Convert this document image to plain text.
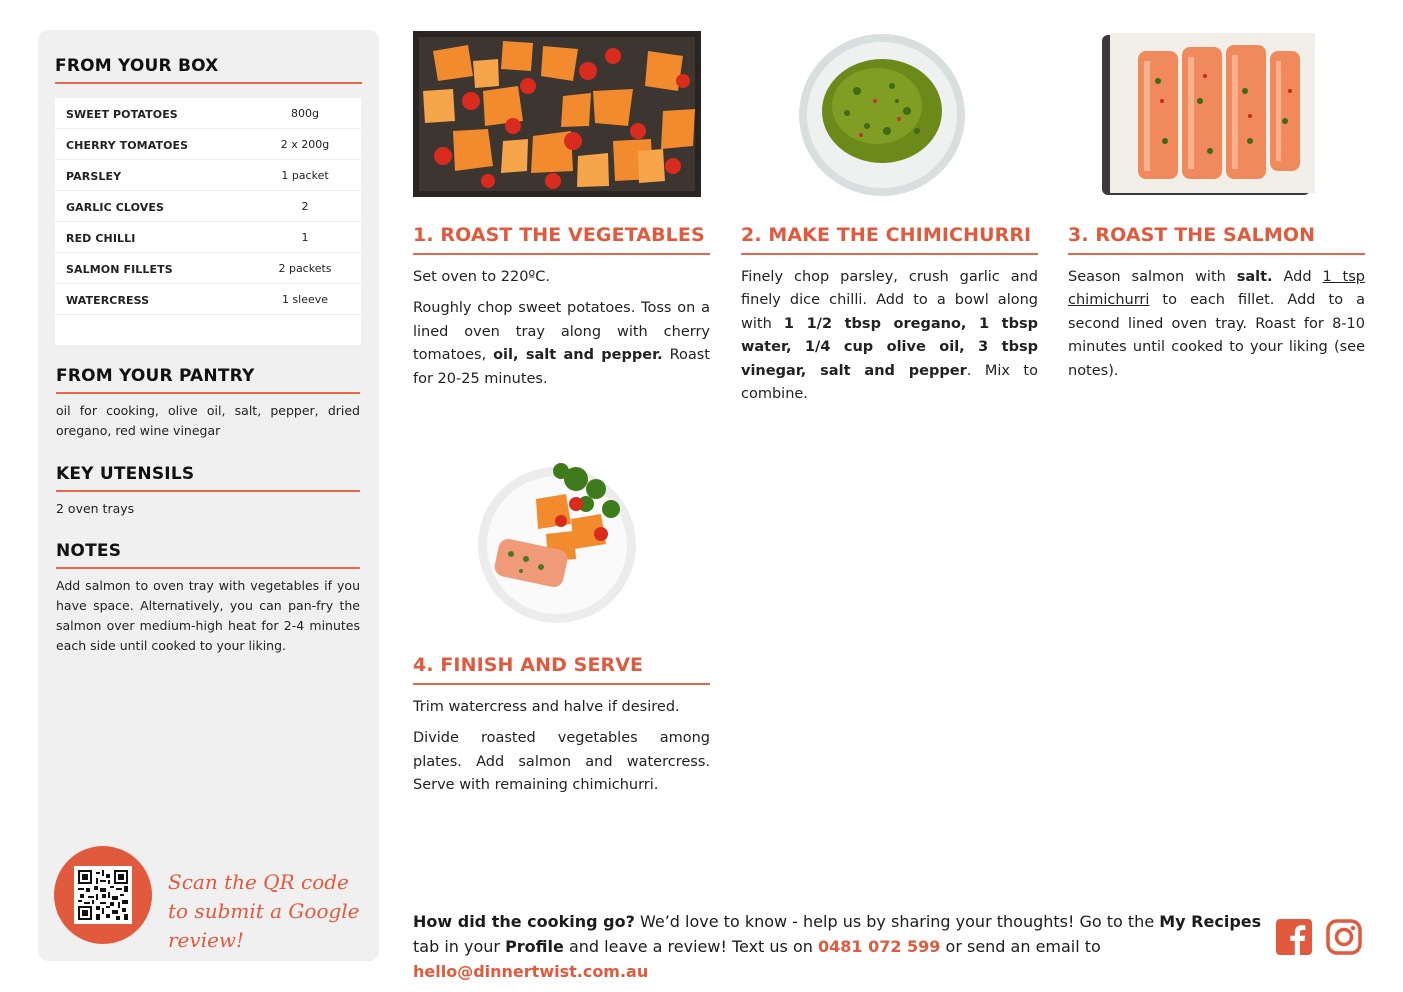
FROM YOUR BOX
SWEET POTATOES	800g
CHERRY TOMATOES	2 x 200g
PARSLEY	1 packet
GARLIC CLOVES	2
RED CHILLI	1
SALMON FILLETS	2 packets
WATERCRESS	1 sleeve
FROM YOUR PANTRY
oil for cooking, olive oil, salt, pepper, dried oregano, red wine vinegar
KEY UTENSILS
2 oven trays
NOTES
Add salmon to oven tray with vegetables if you have space. Alternatively, you can pan-fry the salmon over medium-high heat for 2-4 minutes each side until cooked to your liking.
Scan the QR code to submit a Google review!
1. ROAST THE VEGETABLES

Set oven to 220ºC.

Roughly chop sweet potatoes. Toss on a lined oven tray along with cherry tomatoes, oil, salt and pepper. Roast for 20-25 minutes.

2. MAKE THE CHIMICHURRI

Finely chop parsley, crush garlic and finely dice chilli. Add to a bowl along with 1 1/2 tbsp oregano, 1 tbsp water, 1/4 cup olive oil, 3 tbsp vinegar, salt and pepper. Mix to combine.

3. ROAST THE SALMON

Season salmon with salt. Add 1 tsp chimichurri to each fillet. Add to a second lined oven tray. Roast for 8-10 minutes until cooked to your liking (see notes).

4. FINISH AND SERVE

Trim watercress and halve if desired.

Divide roasted vegetables among plates. Add salmon and watercress. Serve with remaining chimichurri.

How did the cooking go? We’d love to know - help us by sharing your thoughts! Go to the My Recipes tab in your Profile and leave a review! Text us on 0481 072 599 or send an email to hello@dinnertwist.com.au
